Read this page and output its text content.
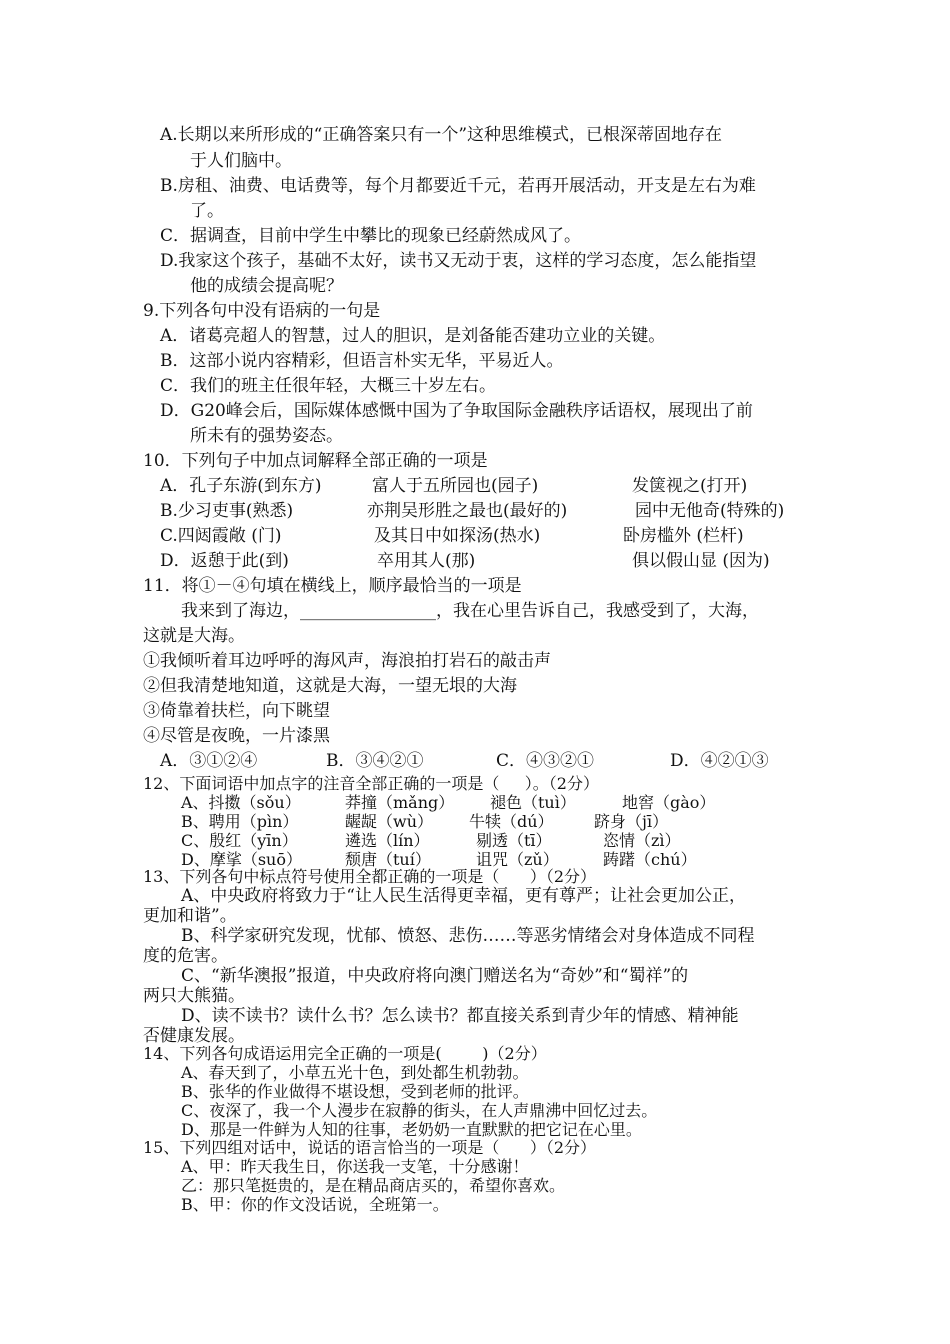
A.长期以来所形成的“正确答案只有一个”这种思维模式，已根深蒂固地存在
于人们脑中。
B.房租、油费、电话费等，每个月都要近千元，若再开展活动，开支是左右为难
了。
C．据调查，目前中学生中攀比的现象已经蔚然成风了。
D.我家这个孩子，基础不太好，读书又无动于衷，这样的学习态度，怎么能指望
他的成绩会提高呢？
9.下列各句中没有语病的一句是
A．诸葛亮超人的智慧，过人的胆识，是刘备能否建功立业的关键。
B．这部小说内容精彩，但语言朴实无华，平易近人。
C．我们的班主任很年轻，大概三十岁左右。
D．G20峰会后，国际媒体感慨中国为了争取国际金融秩序话语权，展现出了前
所未有的强势姿态。
10．下列句子中加点词解释全部正确的一项是
A．孔子东游(到东方)	富人于五所园也(园子)	发箧视之(打开)
B.少习吏事(熟悉)	亦荆吴形胜之最也(最好的)	园中无他奇(特殊的)
C.四闼霞敞 (门)	及其日中如探汤(热水)	卧房槛外 (栏杆)
D．返憩于此(到)	卒用其人(那)	俱以假山显 (因为)
11．将①－④句填在横线上，顺序最恰当的一项是
我来到了海边，________________，我在心里告诉自己，我感受到了，大海，
这就是大海。
①我倾听着耳边呼呼的海风声，海浪拍打岩石的敲击声
②但我清楚地知道，这就是大海，一望无垠的大海
③倚靠着扶栏，向下眺望
④尽管是夜晚，一片漆黑
A．③①②④	B．③④②①	C．④③②①	D．④②①③
12、下面词语中加点字的注音全部正确的一项是（     ）。（2分）
A、抖擞（sǒu）	莽撞（mǎng） 褪色（tuì）	地窖（gào）
B、聘用（pìn）	龌龊（wù） 牛犊（dú）	跻身（jī）
C、殷红（yīn）	遴选（lín）	剔透（tī）	恣情（zì）
D、摩挲（suō）	颓唐（tuí）	诅咒（zǔ）	踌躇（chú）
13、下列各句中标点符号使用全都正确的一项是（      ）（2分）
A、中央政府将致力于“让人民生活得更幸福，更有尊严；让社会更加公正，
更加和谐”。
B、科学家研究发现，忧郁、愤怒、悲伤……等恶劣情绪会对身体造成不同程
度的危害。
C、“新华澳报”报道，中央政府将向澳门赠送名为“奇妙”和“蜀祥”的
两只大熊猫。
D、读不读书？读什么书？怎么读书？都直接关系到青少年的情感、精神能
否健康发展。
14、下列各句成语运用完全正确的一项是(        )（2分）
A、春天到了，小草五光十色，到处都生机勃勃。
B、张华的作业做得不堪设想，受到老师的批评。
C、夜深了，我一个人漫步在寂静的街头，在人声鼎沸中回忆过去。
D、那是一件鲜为人知的往事，老奶奶一直默默的把它记在心里。
15、下列四组对话中，说话的语言恰当的一项是（      ）（2分）
A、甲：昨天我生日，你送我一支笔，十分感谢！
乙：那只笔挺贵的，是在精品商店买的，希望你喜欢。
B、甲：你的作文没话说，全班第一。
